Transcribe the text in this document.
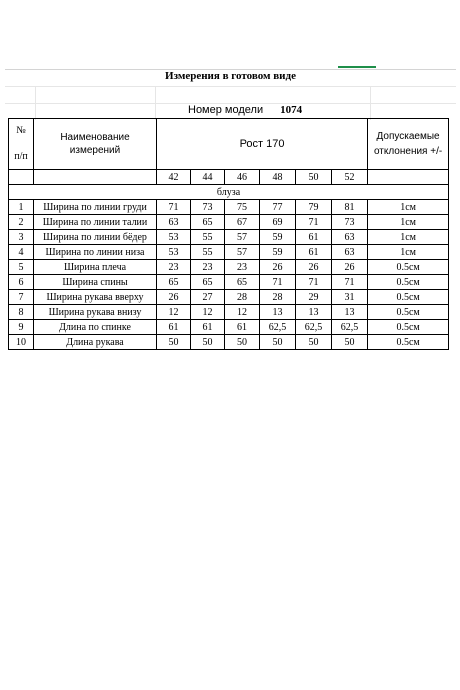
Измерения в готовом виде
Номер модели 1074
№
п/п	Наименование измерений	Рост 170						Допускаемые отклонения +/-
		42	44	46	48	50	52	
блуза								
1	Ширина по линии груди	71	73	75	77	79	81	1см
2	Ширина по линии талии	63	65	67	69	71	73	1см
3	Ширина по линии бёдер	53	55	57	59	61	63	1см
4	Ширина по линии низа	53	55	57	59	61	63	1см
5	Ширина плеча	23	23	23	26	26	26	0.5см
6	Ширина спины	65	65	65	71	71	71	0.5см
7	Ширина рукава вверху	26	27	28	28	29	31	0.5см
8	Ширина рукава внизу	12	12	12	13	13	13	0.5см
9	Длина по спинке	61	61	61	62,5	62,5	62,5	0.5см
10	Длина рукава	50	50	50	50	50	50	0.5см
